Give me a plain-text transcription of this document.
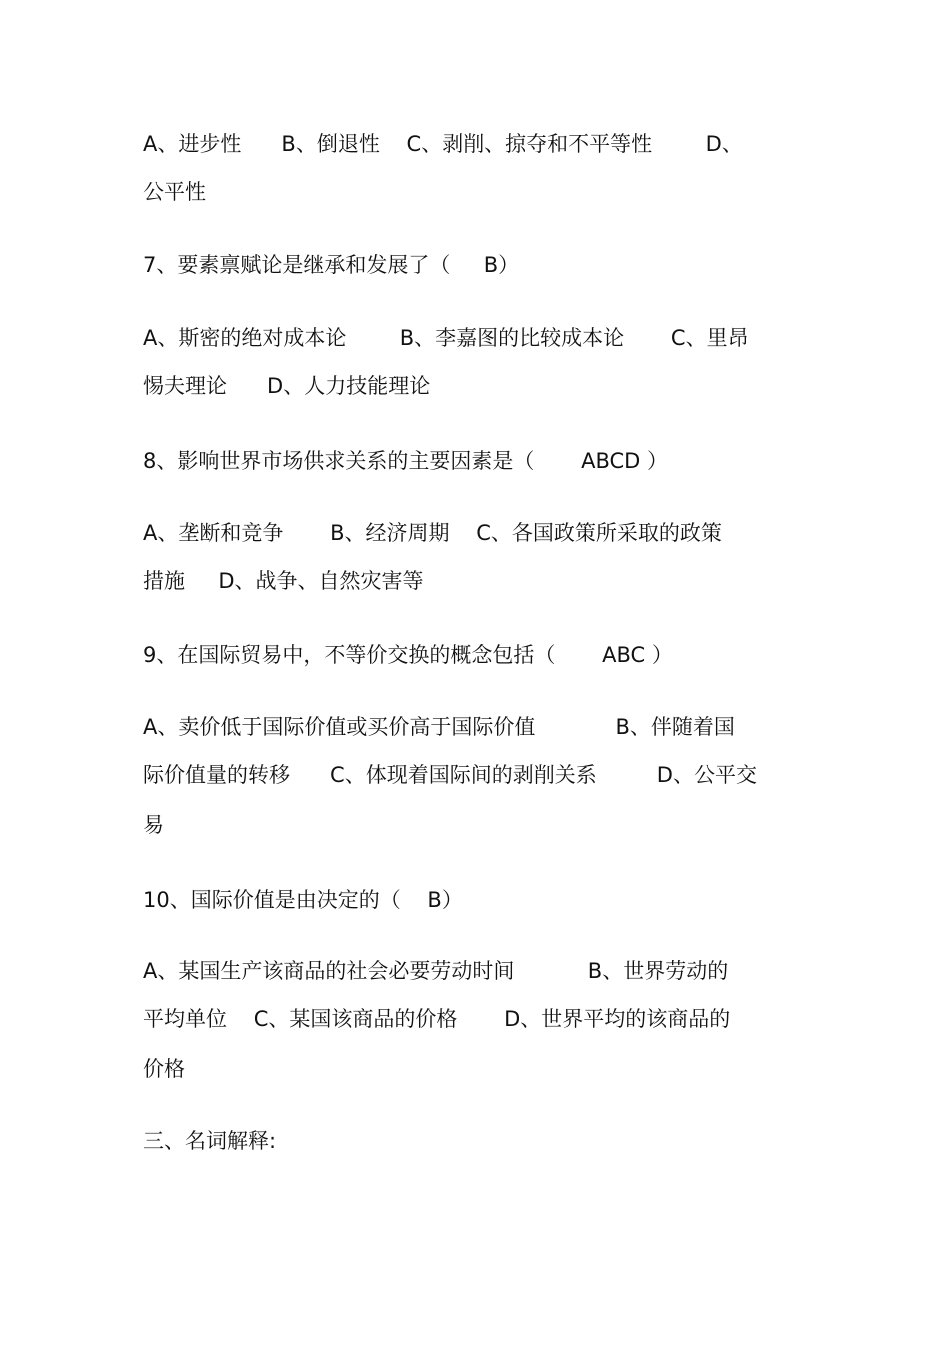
A、进步性      B、倒退性    C、剥削、掠夺和不平等性        D、
公平性
7、要素禀赋论是继承和发展了（     B）
A、斯密的绝对成本论        B、李嘉图的比较成本论       C、里昂
惕夫理论      D、人力技能理论
8、影响世界市场供求关系的主要因素是（       ABCD ）
A、垄断和竞争       B、经济周期    C、各国政策所采取的政策
措施     D、战争、自然灾害等
9、在国际贸易中，不等价交换的概念包括（       ABC ）
A、卖价低于国际价值或买价高于国际价值            B、伴随着国
际价值量的转移      C、体现着国际间的剥削关系         D、公平交
易
10、国际价值是由决定的（    B）
A、某国生产该商品的社会必要劳动时间           B、世界劳动的
平均单位    C、某国该商品的价格       D、世界平均的该商品的
价格
三、名词解释:
